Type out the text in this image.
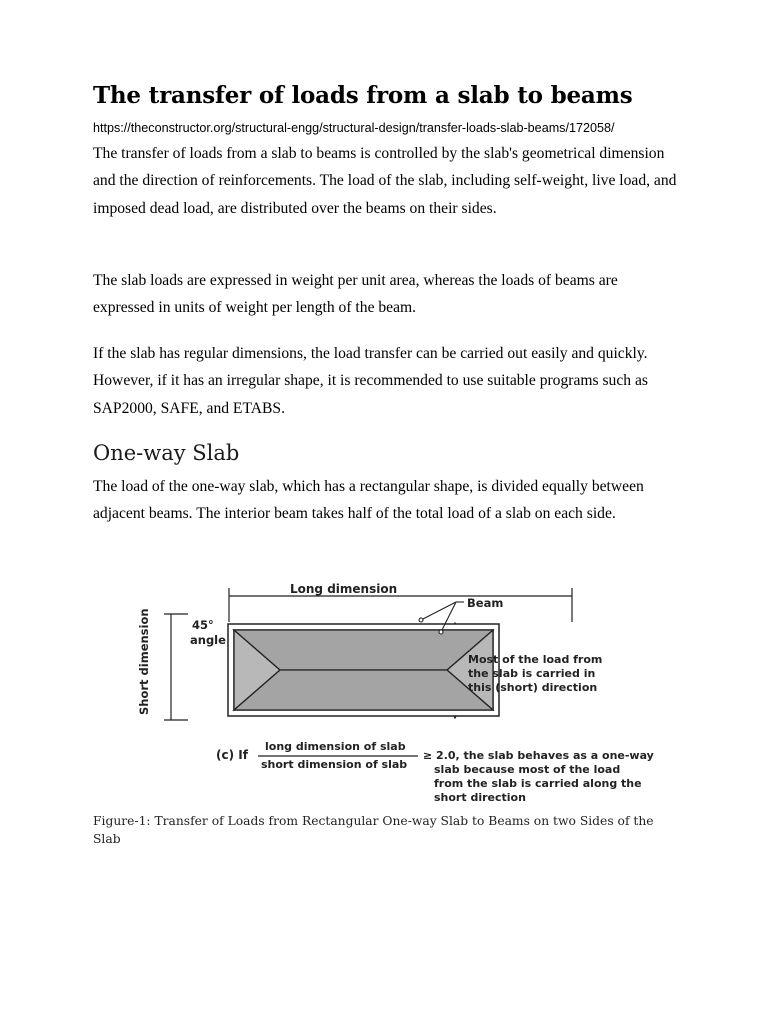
The transfer of loads from a slab to beams
https://theconstructor.org/structural-engg/structural-design/transfer-loads-slab-beams/172058/

The transfer of loads from a slab to beams is controlled by the slab's geometrical dimension and the direction of reinforcements. The load of the slab, including self-weight, live load, and imposed dead load, are distributed over the beams on their sides.

The slab loads are expressed in weight per unit area, whereas the loads of beams are expressed in units of weight per length of the beam.

If the slab has regular dimensions, the load transfer can be carried out easily and quickly. However, if it has an irregular shape, it is recommended to use suitable programs such as SAP2000, SAFE, and ETABS.

One-way Slab

The load of the one-way slab, which has a rectangular shape, is divided equally between adjacent beams. The interior beam takes half of the total load of a slab on each side.

Long dimension
Beam
45°
angle
Short dimension	Most of the load from
the slab is carried in
this (short) direction
(c) If
long dimension of slab
short dimension of slab
≥ 2.0, the slab behaves as a one-way
slab because most of the load
from the slab is carried along the
short direction

Figure-1: Transfer of Loads from Rectangular One-way Slab to Beams on two Sides of the Slab
